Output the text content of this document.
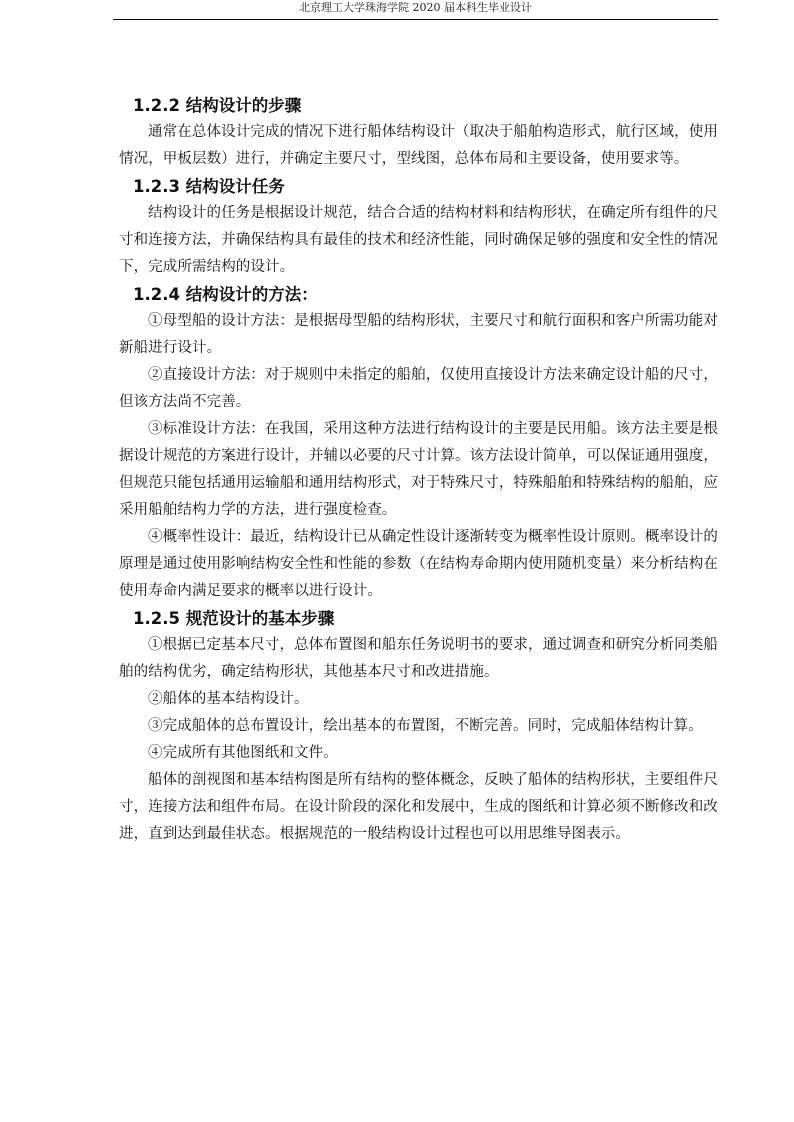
北京理工大学珠海学院 2020 届本科生毕业设计
1.2.2 结构设计的步骤

通常在总体设计完成的情况下进行船体结构设计（取决于船舶构造形式，航行区域，使用情况，甲板层数）进行，并确定主要尺寸，型线图，总体布局和主要设备，使用要求等。

1.2.3 结构设计任务

结构设计的任务是根据设计规范，结合合适的结构材料和结构形状，在确定所有组件的尺寸和连接方法，并确保结构具有最佳的技术和经济性能，同时确保足够的强度和安全性的情况下，完成所需结构的设计。

1.2.4 结构设计的方法：

①母型船的设计方法：是根据母型船的结构形状，主要尺寸和航行面积和客户所需功能对新船进行设计。

②直接设计方法：对于规则中未指定的船舶，仅使用直接设计方法来确定设计船的尺寸，但该方法尚不完善。

③标准设计方法：在我国，采用这种方法进行结构设计的主要是民用船。该方法主要是根据设计规范的方案进行设计，并辅以必要的尺寸计算。该方法设计简单，可以保证通用强度，但规范只能包括通用运输船和通用结构形式，对于特殊尺寸，特殊船舶和特殊结构的船舶，应采用船舶结构力学的方法，进行强度检查。

④概率性设计：最近，结构设计已从确定性设计逐渐转变为概率性设计原则。概率设计的原理是通过使用影响结构安全性和性能的参数（在结构寿命期内使用随机变量）来分析结构在使用寿命内满足要求的概率以进行设计。

1.2.5 规范设计的基本步骤

①根据已定基本尺寸，总体布置图和船东任务说明书的要求，通过调查和研究分析同类船舶的结构优劣，确定结构形状，其他基本尺寸和改进措施。

②船体的基本结构设计。

③完成船体的总布置设计，绘出基本的布置图，不断完善。同时，完成船体结构计算。

④完成所有其他图纸和文件。

船体的剖视图和基本结构图是所有结构的整体概念，反映了船体的结构形状，主要组件尺寸，连接方法和组件布局。在设计阶段的深化和发展中，生成的图纸和计算必须不断修改和改进，直到达到最佳状态。根据规范的一般结构设计过程也可以用思维导图表示。
